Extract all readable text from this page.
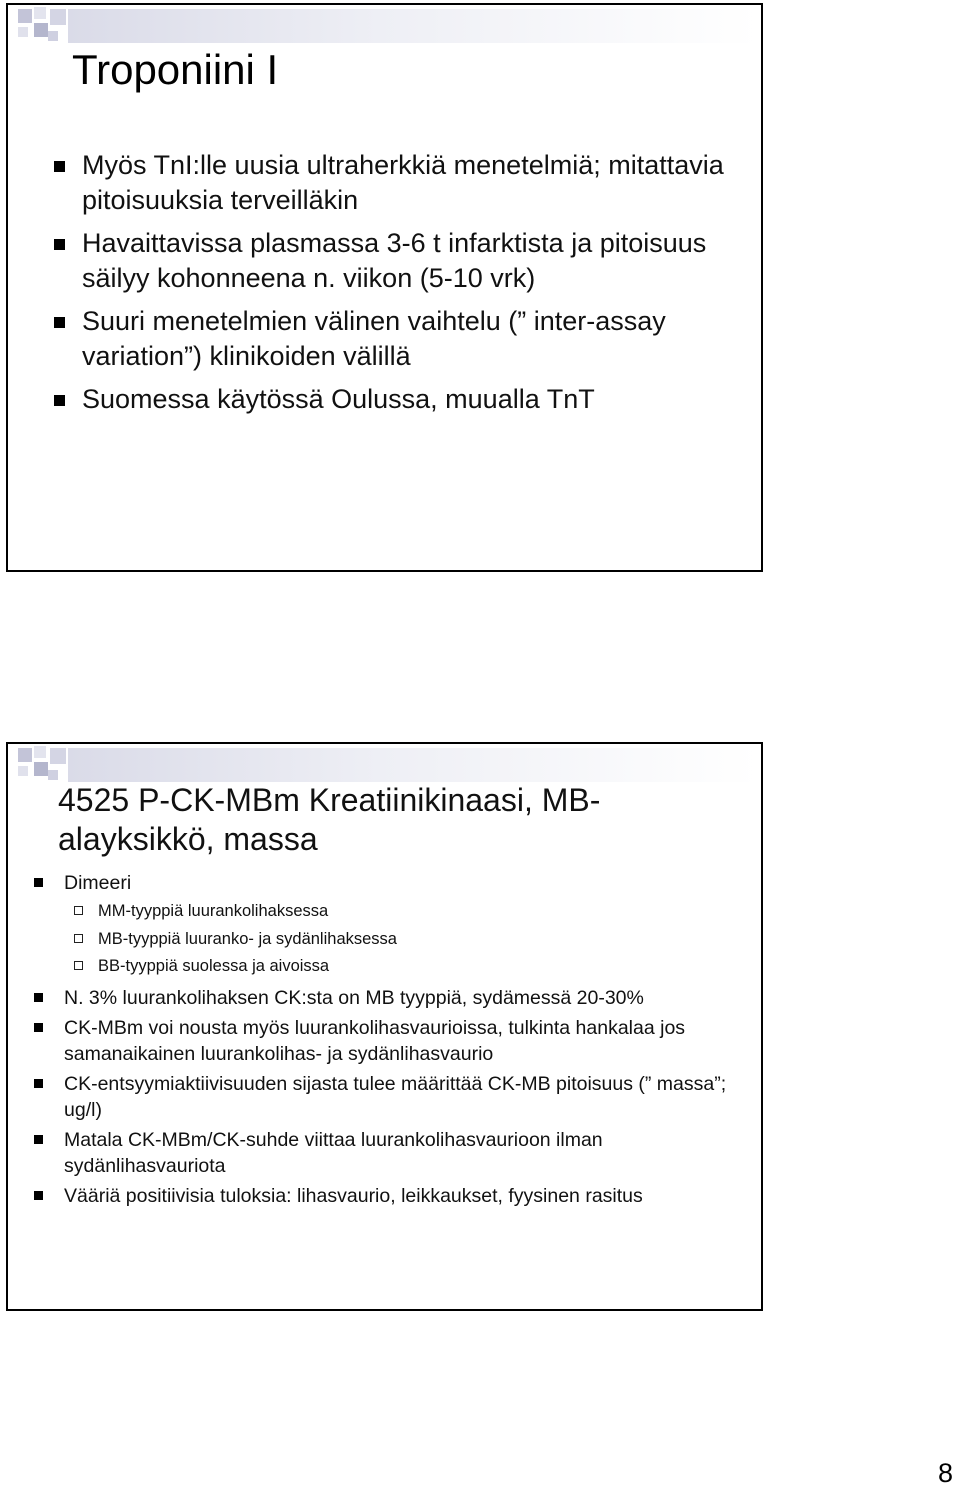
Troponiini I
Myös TnI:lle uusia ultraherkkiä menetelmiä; mitattavia pitoisuuksia terveilläkin
Havaittavissa plasmassa 3-6 t infarktista ja pitoisuus säilyy kohonneena n. viikon (5-10 vrk)
Suuri menetelmien välinen vaihtelu (” inter-assay variation”) klinikoiden välillä
Suomessa käytössä Oulussa, muualla TnT
4525 P-CK-MBm Kreatiinikinaasi, MB-alayksikkö, massa
Dimeeri
MM-tyyppiä luurankolihaksessa
MB-tyyppiä luuranko- ja sydänlihaksessa
BB-tyyppiä suolessa ja aivoissa
N. 3% luurankolihaksen CK:sta on MB tyyppiä, sydämessä 20-30%
CK-MBm voi nousta myös luurankolihasvaurioissa, tulkinta hankalaa jos samanaikainen luurankolihas- ja sydänlihasvaurio
CK-entsyymiaktiivisuuden sijasta tulee määrittää CK-MB pitoisuus (” massa”; ug/l)
Matala CK-MBm/CK-suhde viittaa luurankolihasvaurioon ilman sydänlihasvauriota
Vääriä positiivisia tuloksia: lihasvaurio, leikkaukset, fyysinen rasitus
8
